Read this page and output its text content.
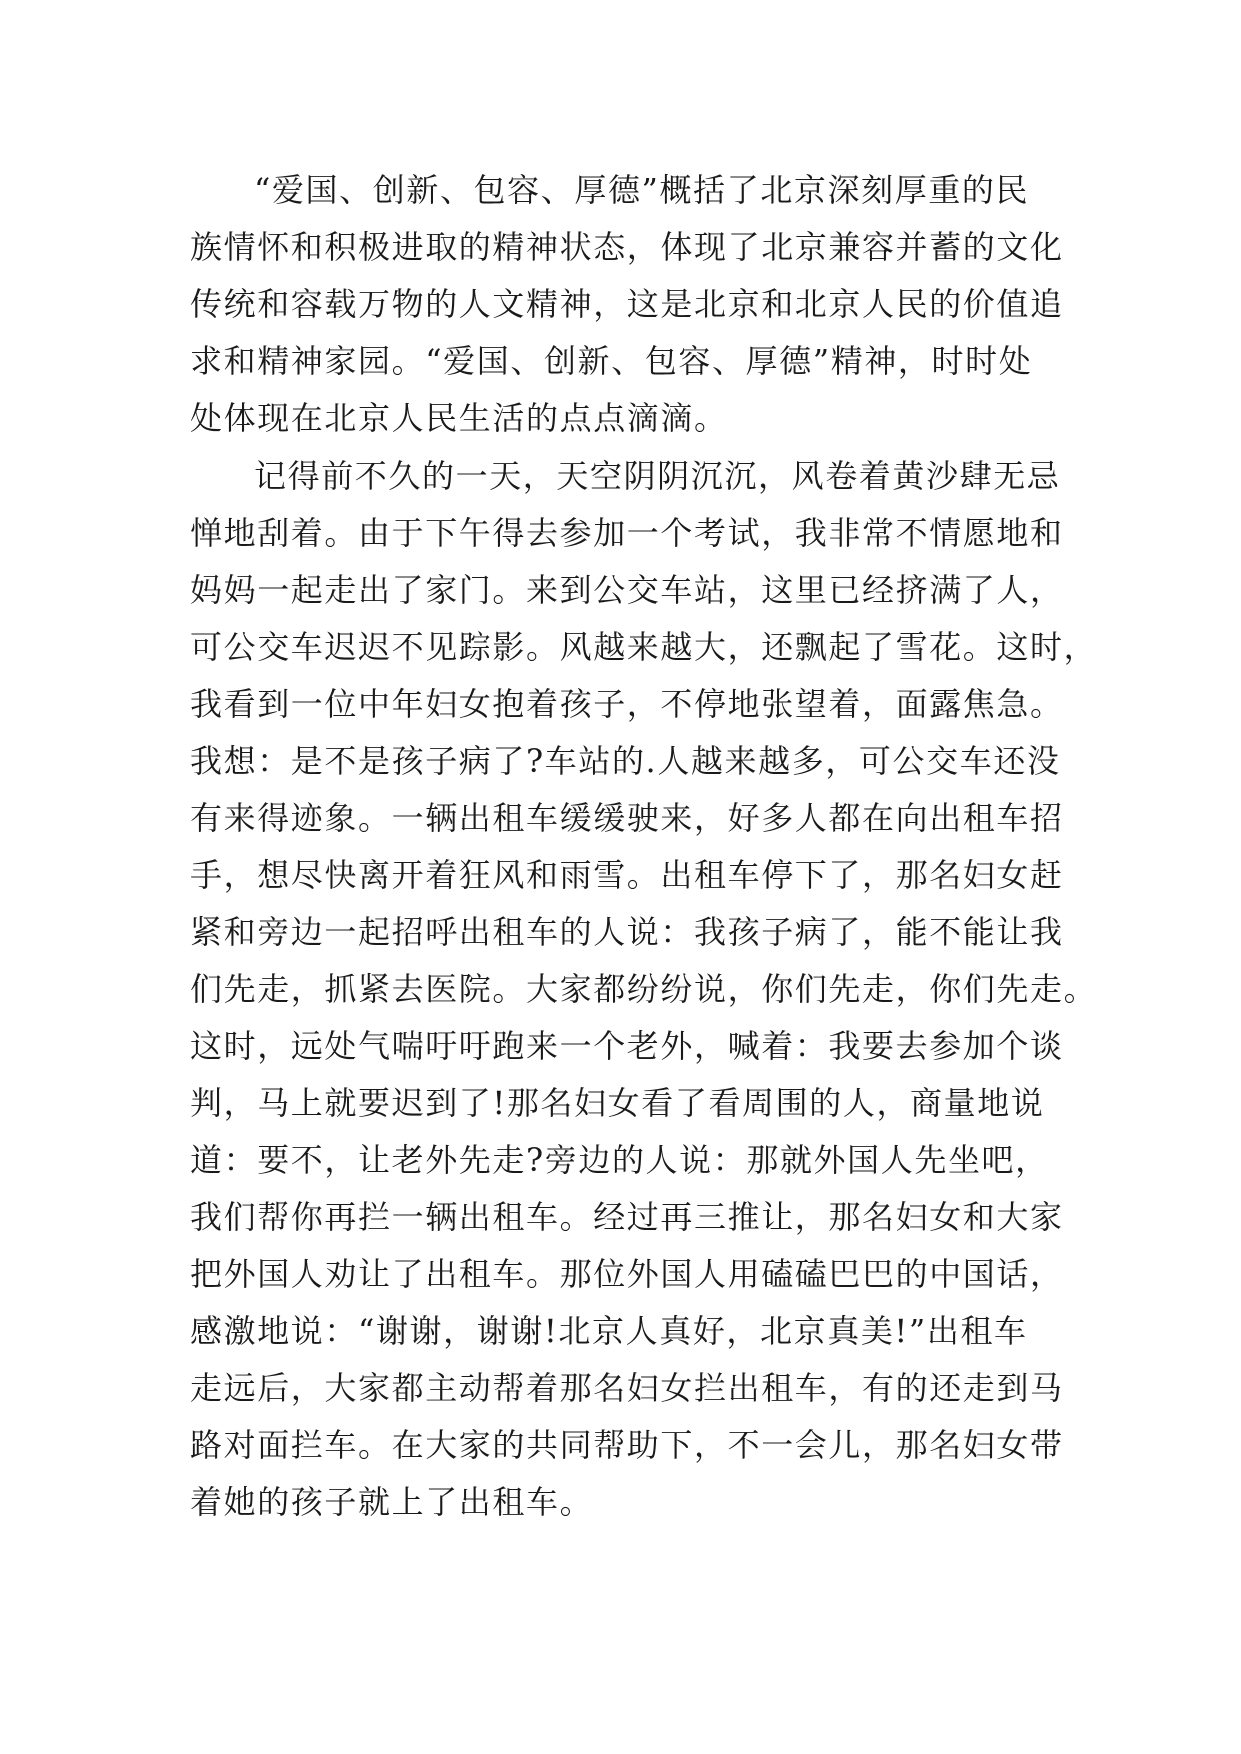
“爱国、创新、包容、厚德”概括了北京深刻厚重的民
族情怀和积极进取的精神状态，体现了北京兼容并蓄的文化
传统和容载万物的人文精神，这是北京和北京人民的价值追
求和精神家园。“爱国、创新、包容、厚德”精神，时时处
处体现在北京人民生活的点点滴滴。
记得前不久的一天，天空阴阴沉沉，风卷着黄沙肆无忌
惮地刮着。由于下午得去参加一个考试，我非常不情愿地和
妈妈一起走出了家门。来到公交车站，这里已经挤满了人，
可公交车迟迟不见踪影。风越来越大，还飘起了雪花。这时，
我看到一位中年妇女抱着孩子，不停地张望着，面露焦急。
我想：是不是孩子病了?车站的.人越来越多，可公交车还没
有来得迹象。一辆出租车缓缓驶来，好多人都在向出租车招
手，想尽快离开着狂风和雨雪。出租车停下了，那名妇女赶
紧和旁边一起招呼出租车的人说：我孩子病了，能不能让我
们先走，抓紧去医院。大家都纷纷说，你们先走，你们先走。
这时，远处气喘吁吁跑来一个老外，喊着：我要去参加个谈
判，马上就要迟到了!那名妇女看了看周围的人，商量地说
道：要不，让老外先走?旁边的人说：那就外国人先坐吧，
我们帮你再拦一辆出租车。经过再三推让，那名妇女和大家
把外国人劝让了出租车。那位外国人用磕磕巴巴的中国话，
感激地说：“谢谢，谢谢!北京人真好，北京真美!”出租车
走远后，大家都主动帮着那名妇女拦出租车，有的还走到马
路对面拦车。在大家的共同帮助下，不一会儿，那名妇女带
着她的孩子就上了出租车。
